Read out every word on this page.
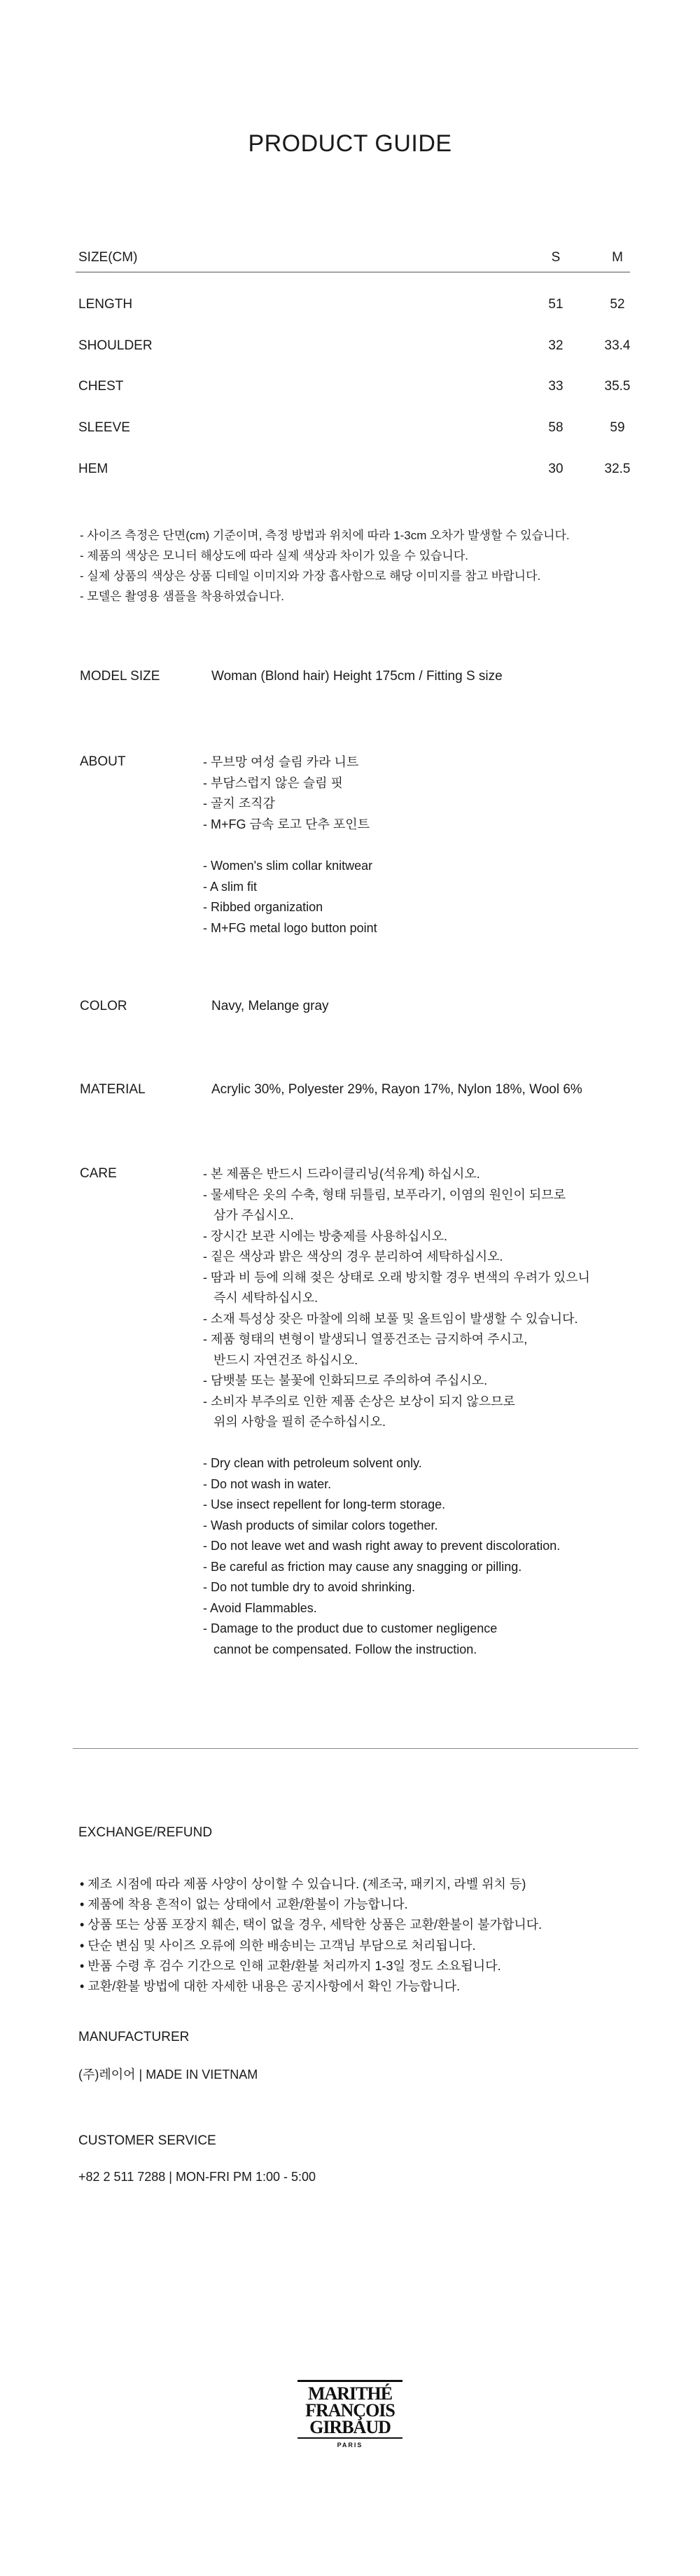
PRODUCT GUIDE
SIZE(CM)	S	M
LENGTH	51	52
SHOULDER	32	33.4
CHEST	33	35.5
SLEEVE	58	59
HEM	30	32.5
- 사이즈 측정은 단면(cm) 기준이며, 측정 방법과 위치에 따라 1-3cm 오차가 발생할 수 있습니다.
- 제품의 색상은 모니터 해상도에 따라 실제 색상과 차이가 있을 수 있습니다.
- 실제 상품의 색상은 상품 디테일 이미지와 가장 흡사함으로 해당 이미지를 참고 바랍니다.
- 모델은 촬영용 샘플을 착용하였습니다.
MODEL SIZE	Woman (Blond hair) Height 175cm / Fitting S size
ABOUT	- 무브망 여성 슬림 카라 니트
- 부담스럽지 않은 슬림 핏
- 골지 조직감
- M+FG 금속 로고 단추 포인트
- Women's slim collar knitwear
- A slim fit
- Ribbed organization
- M+FG metal logo button point
COLOR	Navy, Melange gray
MATERIAL	Acrylic 30%, Polyester 29%, Rayon 17%, Nylon 18%, Wool 6%
CARE	- 본 제품은 반드시 드라이클리닝(석유계) 하십시오.
- 물세탁은 옷의 수축, 형태 뒤틀림, 보푸라기, 이염의 원인이 되므로
삼가 주십시오.
- 장시간 보관 시에는 방충제를 사용하십시오.
- 짙은 색상과 밝은 색상의 경우 분리하여 세탁하십시오.
- 땀과 비 등에 의해 젖은 상태로 오래 방치할 경우 변색의 우려가 있으니
즉시 세탁하십시오.
- 소재 특성상 잦은 마찰에 의해 보풀 및 올트임이 발생할 수 있습니다.
- 제품 형태의 변형이 발생되니 열풍건조는 금지하여 주시고,
반드시 자연건조 하십시오.
- 담뱃불 또는 불꽃에 인화되므로 주의하여 주십시오.
- 소비자 부주의로 인한 제품 손상은 보상이 되지 않으므로
위의 사항을 필히 준수하십시오.
- Dry clean with petroleum solvent only.
- Do not wash in water.
- Use insect repellent for long-term storage.
- Wash products of similar colors together.
- Do not leave wet and wash right away to prevent discoloration.
- Be careful as friction may cause any snagging or pilling.
- Do not tumble dry to avoid shrinking.
- Avoid Flammables.
- Damage to the product due to customer negligence
cannot be compensated. Follow the instruction.
EXCHANGE/REFUND
• 제조 시점에 따라 제품 사양이 상이할 수 있습니다. (제조국, 패키지, 라벨 위치 등)
• 제품에 착용 흔적이 없는 상태에서 교환/환불이 가능합니다.
• 상품 또는 상품 포장지 훼손, 택이 없을 경우, 세탁한 상품은 교환/환불이 불가합니다.
• 단순 변심 및 사이즈 오류에 의한 배송비는 고객님 부담으로 처리됩니다.
• 반품 수령 후 검수 기간으로 인해 교환/환불 처리까지 1-3일 정도 소요됩니다.
• 교환/환불 방법에 대한 자세한 내용은 공지사항에서 확인 가능합니다.
MANUFACTURER
(주)레이어 | MADE IN VIETNAM
CUSTOMER SERVICE
+82 2 511 7288 | MON-FRI PM 1:00 - 5:00
MARITHÉ
FRANÇOIS
GIRBAUD
PARIS
